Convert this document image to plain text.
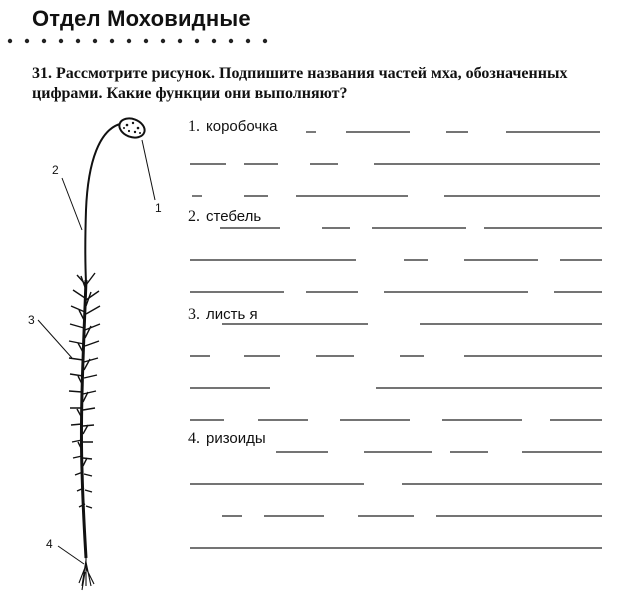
Отдел Моховидные

31. Рассмотрите рисунок. Подпишите названия частей мха, обозначенных цифрами. Какие функции они выполняют?

1
2
3
4
1. коробочка
2. стебель
3. листь я
4. ризоиды
